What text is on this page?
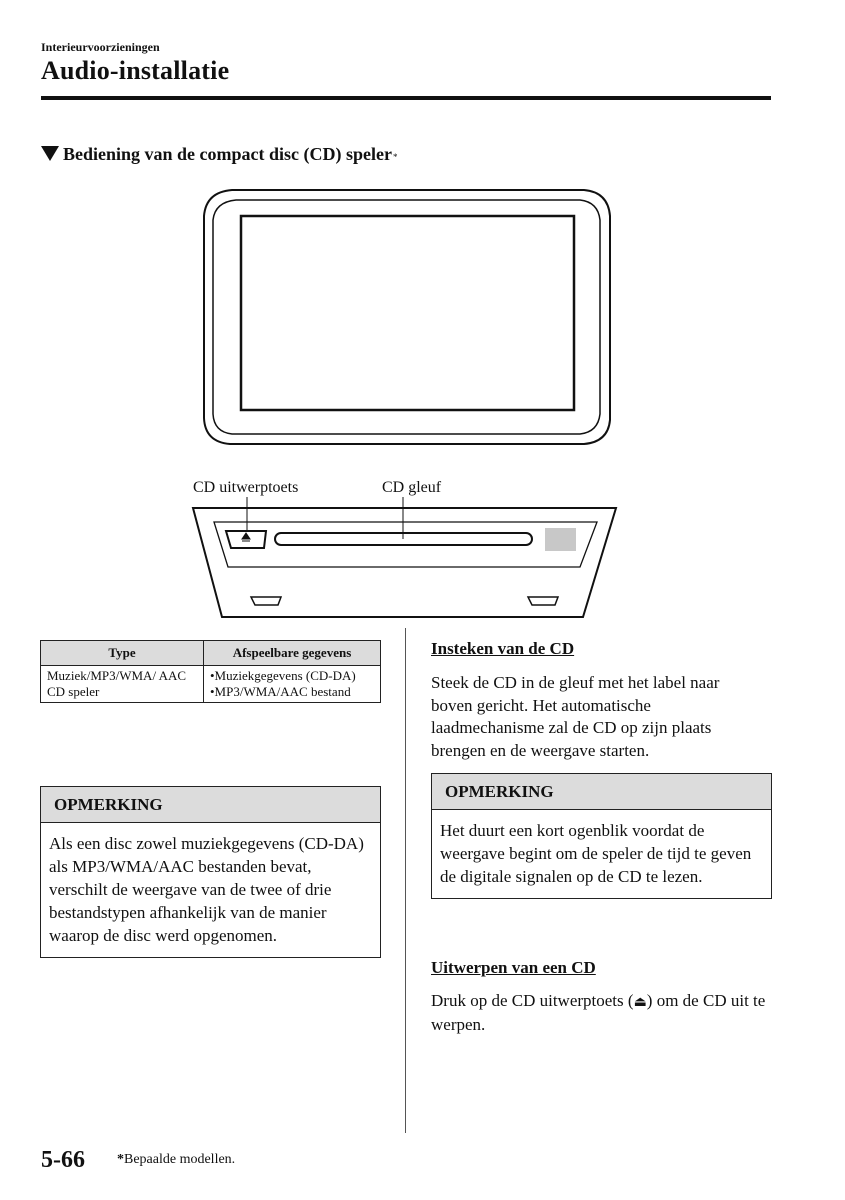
Interieurvoorzieningen
Audio-installatie
Bediening van de compact disc (CD) speler *
CD uitwerptoets	CD gleuf
Type	Afspeelbare gegevens
Muziek/MP3/WMA/ AAC CD speler	•Muziekgegevens (CD-DA)
•MP3/WMA/AAC bestand
OPMERKING
Als een disc zowel muziekgegevens (CD-DA) als MP3/WMA/AAC bestanden bevat, verschilt de weergave van de twee of drie bestandstypen afhankelijk van de manier waarop de disc werd opgenomen.
Insteken van de CD
Steek de CD in de gleuf met het label naar boven gericht. Het automatische laadmechanisme zal de CD op zijn plaats brengen en de weergave starten.
OPMERKING
Het duurt een kort ogenblik voordat de weergave begint om de speler de tijd te geven de digitale signalen op de CD te lezen.
Uitwerpen van een CD
Druk op de CD uitwerptoets (⏏) om de CD uit te werpen.
5-66 *Bepaalde modellen.
